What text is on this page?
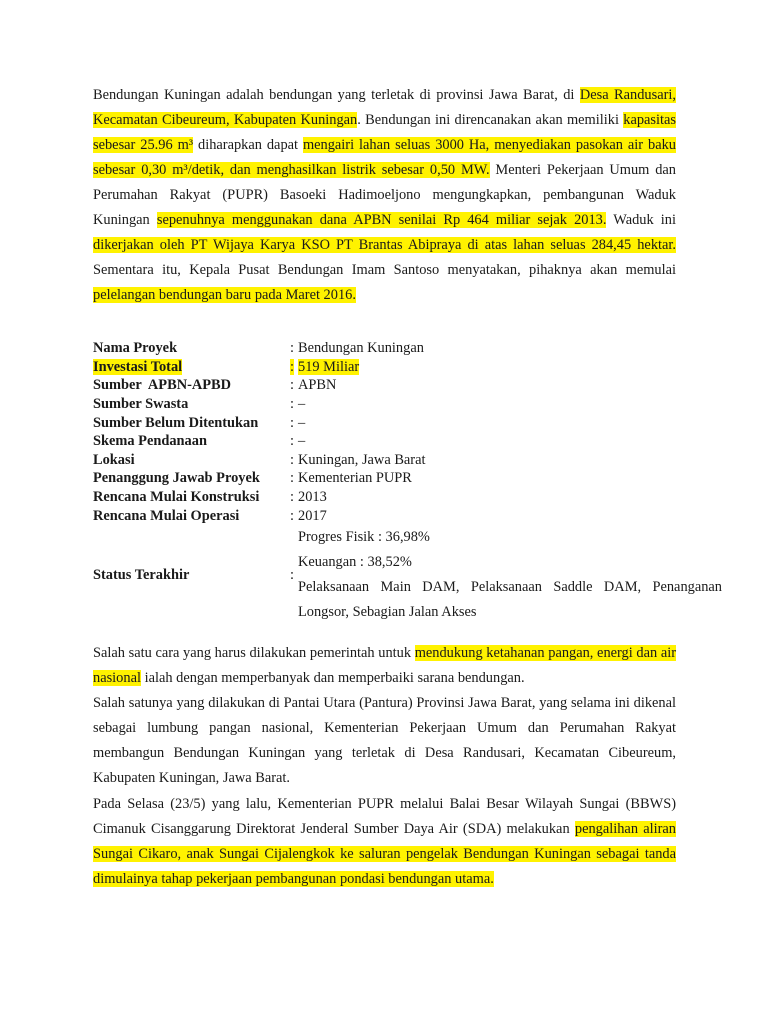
Bendungan Kuningan adalah bendungan yang terletak di provinsi Jawa Barat, di Desa Randusari, Kecamatan Cibeureum, Kabupaten Kuningan. Bendungan ini direncanakan akan memiliki kapasitas sebesar 25.96 m³ diharapkan dapat mengairi lahan seluas 3000 Ha, menyediakan pasokan air baku sebesar 0,30 m³/detik, dan menghasilkan listrik sebesar 0,50 MW. Menteri Pekerjaan Umum dan Perumahan Rakyat (PUPR) Basoeki Hadimoeljono mengungkapkan, pembangunan Waduk Kuningan sepenuhnya menggunakan dana APBN senilai Rp 464 miliar sejak 2013. Waduk ini dikerjakan oleh PT Wijaya Karya KSO PT Brantas Abipraya di atas lahan seluas 284,45 hektar. Sementara itu, Kepala Pusat Bendungan Imam Santoso menyatakan, pihaknya akan memulai pelelangan bendungan baru pada Maret 2016.

Nama Proyek	:	Bendungan Kuningan
Investasi Total	:	519 Miliar
Sumber  APBN-APBD	:	APBN
Sumber Swasta	:	–
Sumber Belum Ditentukan	:	–
Skema Pendanaan	:	–
Lokasi	:	Kuningan, Jawa Barat
Penanggung Jawab Proyek	:	Kementerian PUPR
Rencana Mulai Konstruksi	:	2013
Rencana Mulai Operasi	:	2017
Status Terakhir	:	Progres Fisik : 36,98%
Keuangan : 38,52%
Pelaksanaan Main DAM, Pelaksanaan Saddle DAM, Penanganan Longsor, Sebagian Jalan Akses

Salah satu cara yang harus dilakukan pemerintah untuk mendukung ketahanan pangan, energi dan air nasional ialah dengan memperbanyak dan memperbaiki sarana bendungan.

Salah satunya yang dilakukan di Pantai Utara (Pantura) Provinsi Jawa Barat, yang selama ini dikenal sebagai lumbung pangan nasional, Kementerian Pekerjaan Umum dan Perumahan Rakyat membangun Bendungan Kuningan yang terletak di Desa Randusari, Kecamatan Cibeureum, Kabupaten Kuningan, Jawa Barat.

Pada Selasa (23/5) yang lalu, Kementerian PUPR melalui Balai Besar Wilayah Sungai (BBWS) Cimanuk Cisanggarung Direktorat Jenderal Sumber Daya Air (SDA) melakukan pengalihan aliran Sungai Cikaro, anak Sungai Cijalengkok ke saluran pengelak Bendungan Kuningan sebagai tanda dimulainya tahap pekerjaan pembangunan pondasi bendungan utama.
